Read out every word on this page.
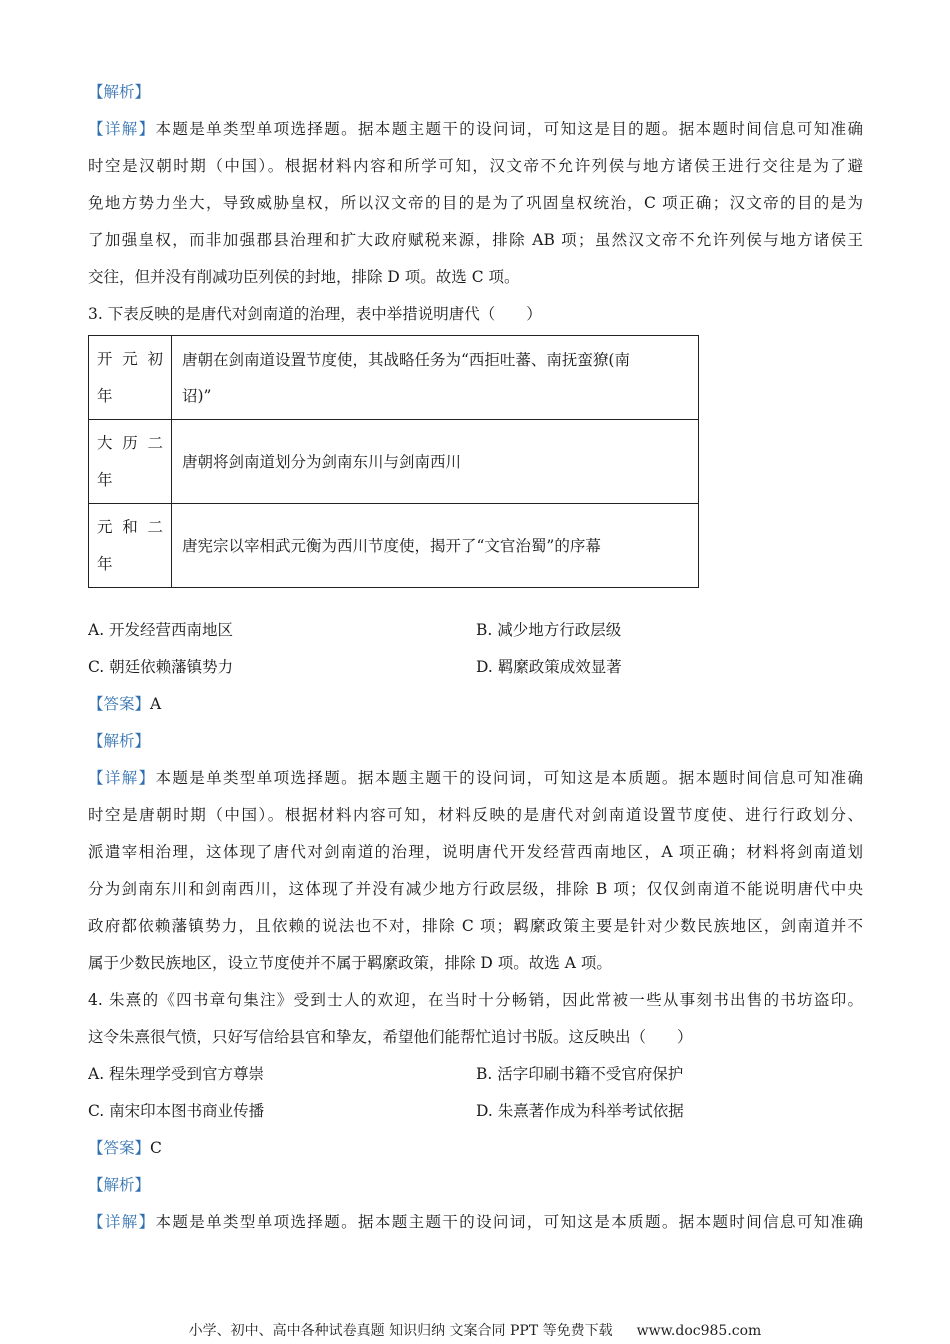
【解析】
【详解】本题是单类型单项选择题。据本题主题干的设问词，可知这是目的题。据本题时间信息可知准确
时空是汉朝时期（中国）。根据材料内容和所学可知，汉文帝不允许列侯与地方诸侯王进行交往是为了避
免地方势力坐大，导致威胁皇权，所以汉文帝的目的是为了巩固皇权统治，C 项正确；汉文帝的目的是为
了加强皇权，而非加强郡县治理和扩大政府赋税来源，排除 AB 项；虽然汉文帝不允许列侯与地方诸侯王
交往，但并没有削减功臣列侯的封地，排除 D 项。故选 C 项。
3. 下表反映的是唐代对剑南道的治理，表中举措说明唐代（　　）
开 元 初
年	唐朝在剑南道设置节度使，其战略任务为“西拒吐蕃、南抚蛮獠(南
诏)”
大 历 二
年	唐朝将剑南道划分为剑南东川与剑南西川
元 和 二
年	唐宪宗以宰相武元衡为西川节度使，揭开了“文官治蜀”的序幕
A. 开发经营西南地区	B. 减少地方行政层级
C. 朝廷依赖藩镇势力	D. 羁縻政策成效显著
【答案】A
【解析】
【详解】本题是单类型单项选择题。据本题主题干的设问词，可知这是本质题。据本题时间信息可知准确
时空是唐朝时期（中国）。根据材料内容可知，材料反映的是唐代对剑南道设置节度使、进行行政划分、
派遣宰相治理，这体现了唐代对剑南道的治理，说明唐代开发经营西南地区，A 项正确；材料将剑南道划
分为剑南东川和剑南西川，这体现了并没有减少地方行政层级，排除 B 项；仅仅剑南道不能说明唐代中央
政府都依赖藩镇势力，且依赖的说法也不对，排除 C 项；羁縻政策主要是针对少数民族地区，剑南道并不
属于少数民族地区，设立节度使并不属于羁縻政策，排除 D 项。故选 A 项。
4. 朱熹的《四书章句集注》受到士人的欢迎，在当时十分畅销，因此常被一些从事刻书出售的书坊盗印。
这令朱熹很气愤，只好写信给县官和挚友，希望他们能帮忙追讨书版。这反映出（　　）
A. 程朱理学受到官方尊崇	B. 活字印刷书籍不受官府保护
C. 南宋印本图书商业传播	D. 朱熹著作成为科举考试依据
【答案】C
【解析】
【详解】本题是单类型单项选择题。据本题主题干的设问词，可知这是本质题。据本题时间信息可知准确
小学、初中、高中各种试卷真题 知识归纳 文案合同 PPT 等免费下载 www.doc985.com
